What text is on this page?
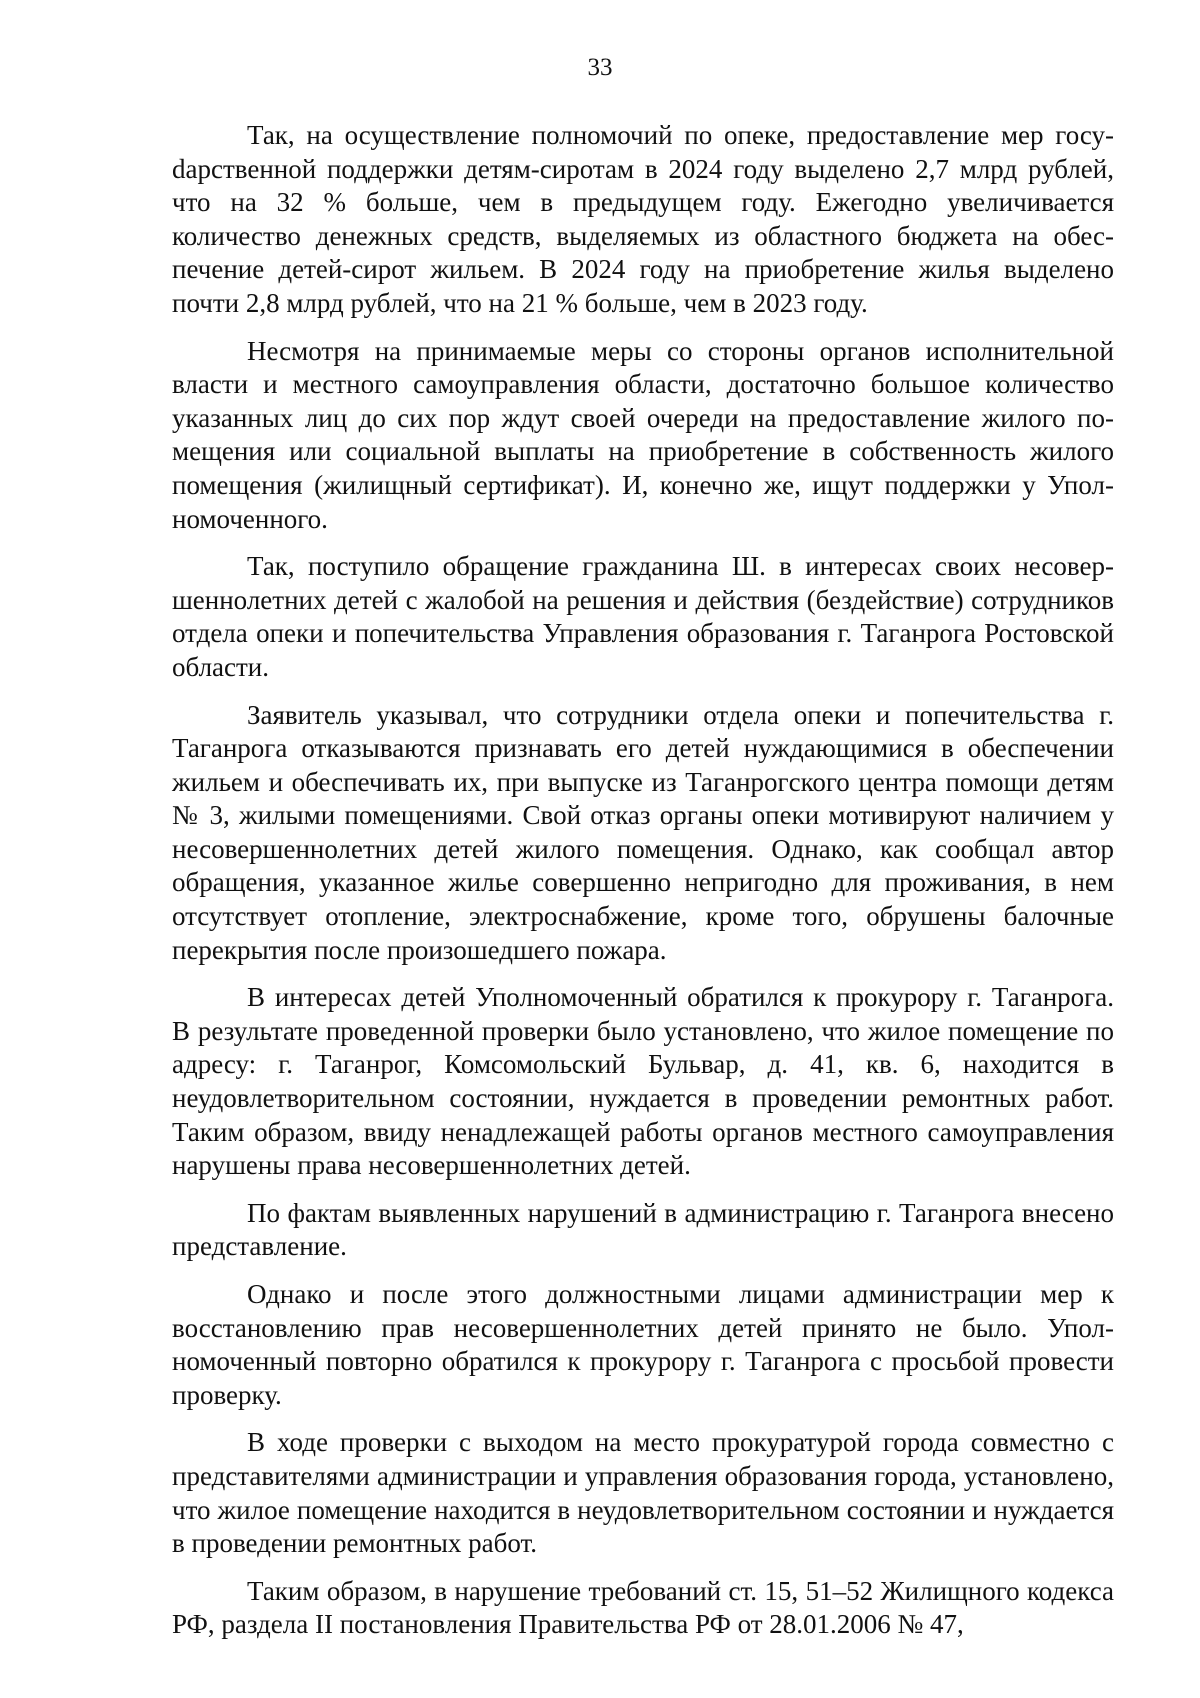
33

Так, на осуществление полномочий по опеке, предоставление мер госуdарственной поддержки детям-сиротам в 2024 году выделено 2,7 млрд рублей, что на 32 % больше, чем в предыдущем году. Ежегодно увеличивается количество денежных средств, выделяемых из областного бюджета на обеспечение детей-сирот жильем. В 2024 году на приобретение жилья выделено почти 2,8 млрд рублей, что на 21 % больше, чем в 2023 году.

Несмотря на принимаемые меры со стороны органов исполнительной власти и местного самоуправления области, достаточно большое количество указанных лиц до сих пор ждут своей очереди на предоставление жилого помещения или социальной выплаты на приобретение в собственность жилого помещения (жилищный сертификат). И, конечно же, ищут поддержки у Уполномоченного.

Так, поступило обращение гражданина Ш. в интересах своих несовершеннолетних детей с жалобой на решения и действия (бездействие) сотрудников отдела опеки и попечительства Управления образования г. Таганрога Ростовской области.

Заявитель указывал, что сотрудники отдела опеки и попечительства г. Таганрога отказываются признавать его детей нуждающимися в обеспечении жильем и обеспечивать их, при выпуске из Таганрогского центра помощи детям № 3, жилыми помещениями. Свой отказ органы опеки мотивируют наличием у несовершеннолетних детей жилого помещения. Однако, как сообщал автор обращения, указанное жилье совершенно непригодно для проживания, в нем отсутствует отопление, электроснабжение, кроме того, обрушены балочные перекрытия после произошедшего пожара.

В интересах детей Уполномоченный обратился к прокурору г. Таганрога. В результате проведенной проверки было установлено, что жилое помещение по адресу: г. Таганрог, Комсомольский Бульвар, д. 41, кв. 6, находится в неудовлетворительном состоянии, нуждается в проведении ремонтных работ. Таким образом, ввиду ненадлежащей работы органов местного самоуправления нарушены права несовершеннолетних детей.

По фактам выявленных нарушений в администрацию г. Таганрога внесено представление.

Однако и после этого должностными лицами администрации мер к восстановлению прав несовершеннолетних детей принято не было. Уполномоченный повторно обратился к прокурору г. Таганрога с просьбой провести проверку.

В ходе проверки с выходом на место прокуратурой города совместно с представителями администрации и управления образования города, установлено, что жилое помещение находится в неудовлетворительном состоянии и нуждается в проведении ремонтных работ.

Таким образом, в нарушение требований ст. 15, 51–52 Жилищного кодекса РФ, раздела II постановления Правительства РФ от 28.01.2006 № 47,
